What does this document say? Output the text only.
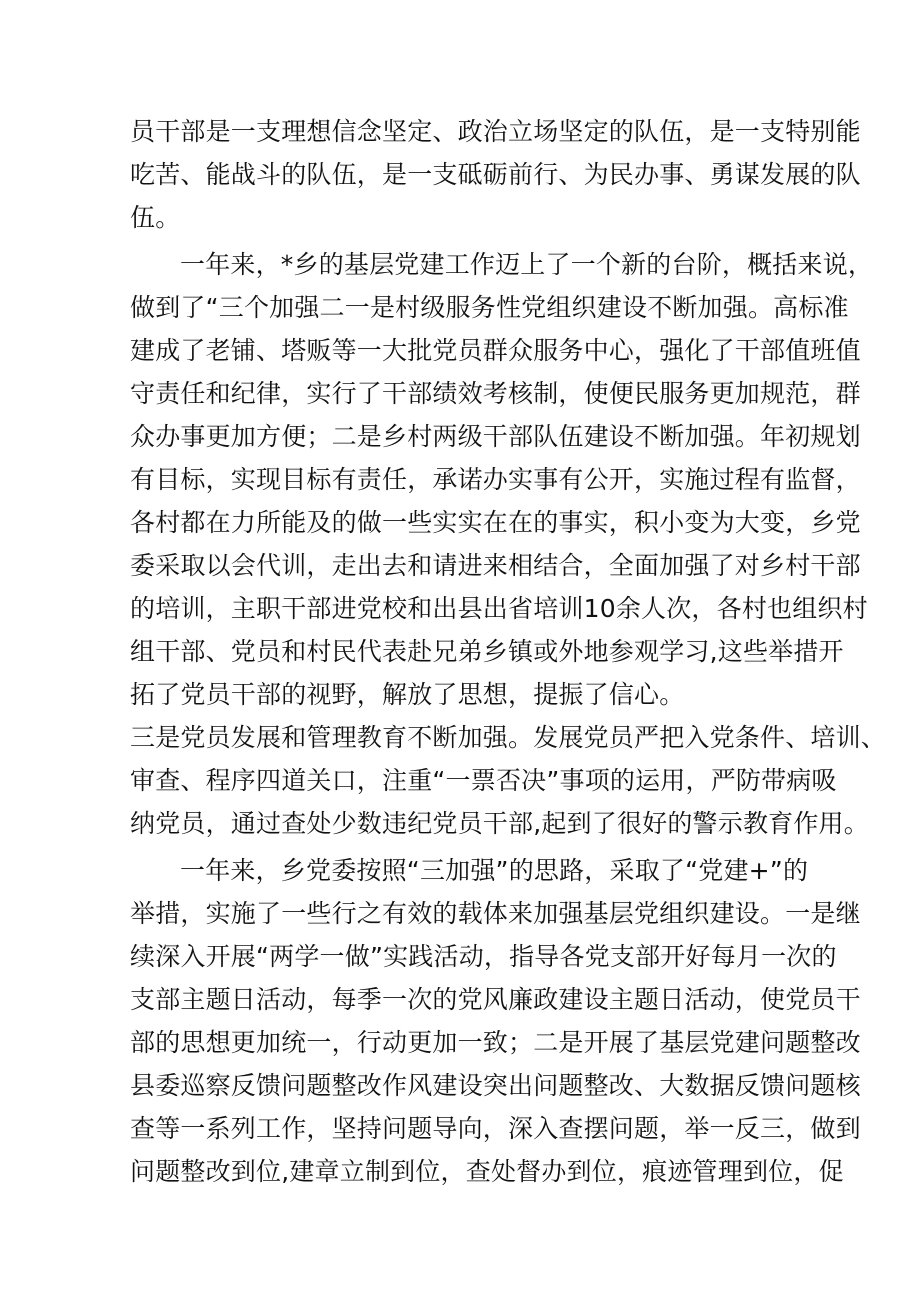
员干部是一支理想信念坚定、政治立场坚定的队伍，是一支特别能
吃苦、能战斗的队伍，是一支砥砺前行、为民办事、勇谋发展的队
伍。
一年来，*乡的基层党建工作迈上了一个新的台阶，概括来说，
做到了“三个加强二一是村级服务性党组织建设不断加强。高标准
建成了老铺、塔贩等一大批党员群众服务中心，强化了干部值班值
守责任和纪律，实行了干部绩效考核制，使便民服务更加规范，群
众办事更加方便；二是乡村两级干部队伍建设不断加强。年初规划
有目标，实现目标有责任，承诺办实事有公开，实施过程有监督，
各村都在力所能及的做一些实实在在的事实，积小变为大变，乡党
委采取以会代训，走出去和请进来相结合，全面加强了对乡村干部
的培训，主职干部进党校和出县出省培训10余人次，各村也组织村
组干部、党员和村民代表赴兄弟乡镇或外地参观学习,这些举措开
拓了党员干部的视野，解放了思想，提振了信心。
三是党员发展和管理教育不断加强。发展党员严把入党条件、培训、
审查、程序四道关口，注重“一票否决”事项的运用，严防带病吸
纳党员，通过查处少数违纪党员干部,起到了很好的警示教育作用。
一年来，乡党委按照“三加强”的思路，采取了“党建+”的
举措，实施了一些行之有效的载体来加强基层党组织建设。一是继
续深入开展“两学一做”实践活动，指导各党支部开好每月一次的
支部主题日活动，每季一次的党风廉政建设主题日活动，使党员干
部的思想更加统一，行动更加一致；二是开展了基层党建问题整改
县委巡察反馈问题整改作风建设突出问题整改、大数据反馈问题核
查等一系列工作，坚持问题导向，深入查摆问题，举一反三，做到
问题整改到位,建章立制到位，查处督办到位，痕迹管理到位，促
